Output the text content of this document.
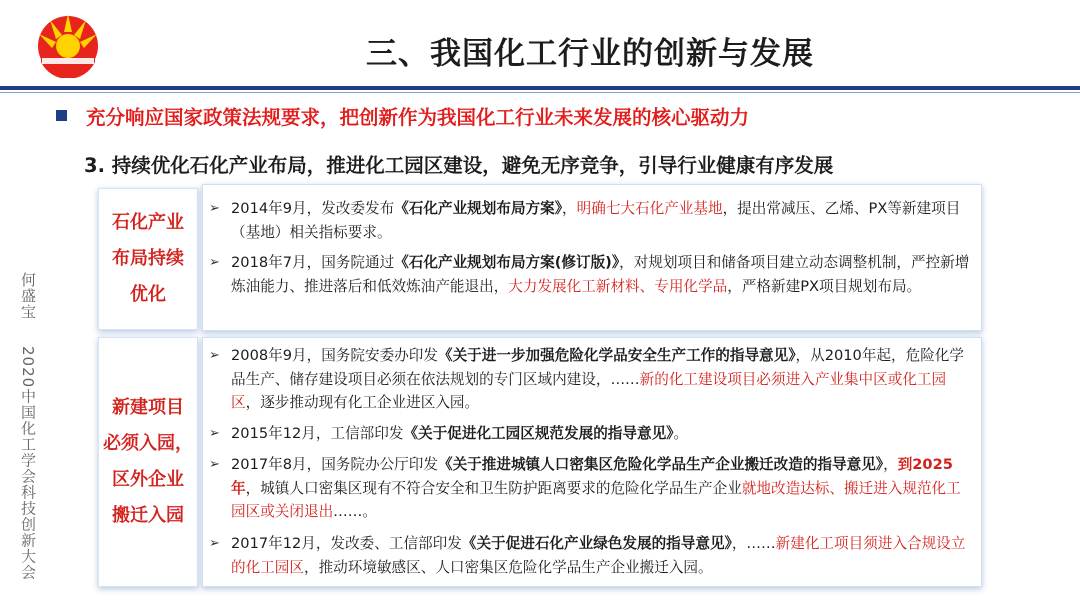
三、我国化工行业的创新与发展
充分响应国家政策法规要求，把创新作为我国化工行业未来发展的核心驱动力
3. 持续优化石化产业布局，推进化工园区建设，避免无序竞争，引导行业健康有序发展
何盛宝
2020中国化工学会科技创新大会
石化产业
布局持续
优化
新建项目
必须入园，
区外企业
搬迁入园
➢ 2014年9月，发改委发布《石化产业规划布局方案》，明确七大石化产业基地，提出常减压、乙烯、PX等新建项目（基地）相关指标要求。
➢ 2018年7月，国务院通过《石化产业规划布局方案(修订版)》，对规划项目和储备项目建立动态调整机制，严控新增炼油能力、推进落后和低效炼油产能退出，大力发展化工新材料、专用化学品，严格新建PX项目规划布局。
➢ 2008年9月，国务院安委办印发《关于进一步加强危险化学品安全生产工作的指导意见》，从2010年起，危险化学品生产、储存建设项目必须在依法规划的专门区域内建设，……新的化工建设项目必须进入产业集中区或化工园区，逐步推动现有化工企业进区入园。
➢ 2015年12月，工信部印发《关于促进化工园区规范发展的指导意见》。
➢ 2017年8月，国务院办公厅印发《关于推进城镇人口密集区危险化学品生产企业搬迁改造的指导意见》，到2025年，城镇人口密集区现有不符合安全和卫生防护距离要求的危险化学品生产企业就地改造达标、搬迁进入规范化工园区或关闭退出……。
➢ 2017年12月，发改委、工信部印发《关于促进石化产业绿色发展的指导意见》，……新建化工项目须进入合规设立的化工园区，推动环境敏感区、人口密集区危险化学品生产企业搬迁入园。
